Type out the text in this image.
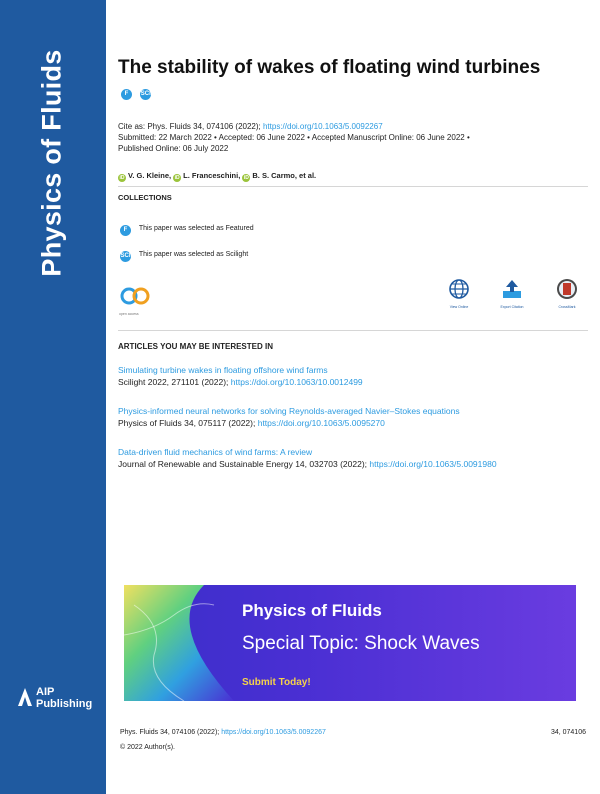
Physics of Fluids
AIP
Publishing
The stability of wakes of floating wind turbines F SCI
Cite as: Phys. Fluids 34, 074106 (2022); https://doi.org/10.1063/5.0092267
Submitted: 22 March 2022 • Accepted: 06 June 2022 • Accepted Manuscript Online: 06 June 2022 •
Published Online: 06 July 2022
iD V. G. Kleine, iD L. Franceschini, iD B. S. Carmo, et al.
COLLECTIONS
F This paper was selected as Featured
SCI This paper was selected as Scilight
open access
View Online	Export Citation	CrossMark
ARTICLES YOU MAY BE INTERESTED IN
Simulating turbine wakes in floating offshore wind farms
Scilight 2022, 271101 (2022); https://doi.org/10.1063/10.0012499
Physics-informed neural networks for solving Reynolds-averaged Navier–Stokes equations
Physics of Fluids 34, 075117 (2022); https://doi.org/10.1063/5.0095270
Data-driven fluid mechanics of wind farms: A review
Journal of Renewable and Sustainable Energy 14, 032703 (2022); https://doi.org/10.1063/5.0091980
Physics of Fluids
Special Topic: Shock Waves
Submit Today!
Phys. Fluids 34, 074106 (2022); https://doi.org/10.1063/5.0092267	34, 074106
© 2022 Author(s).
